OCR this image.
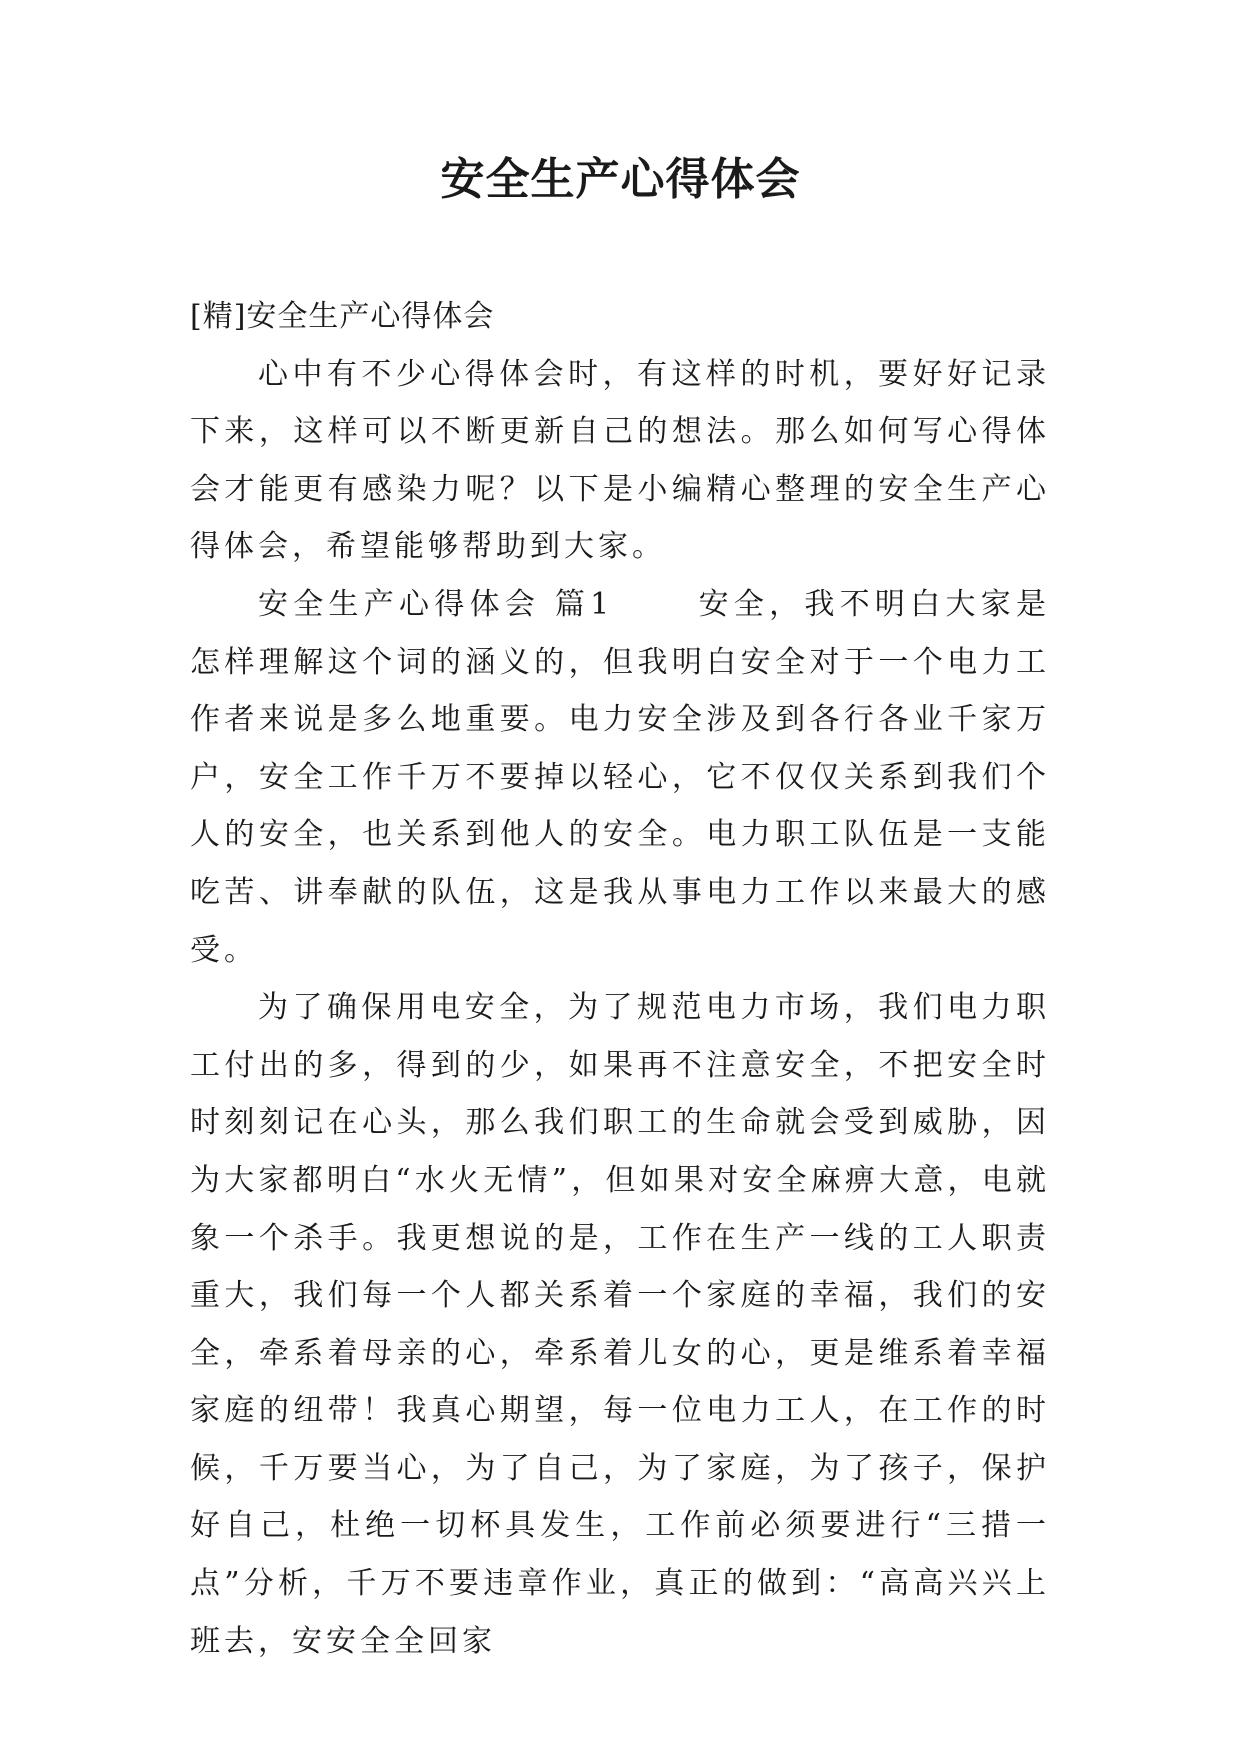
安全生产心得体会

[精]安全生产心得体会

心中有不少心得体会时，有这样的时机，要好好记录下来，这样可以不断更新自己的想法。那么如何写心得体会才能更有感染力呢？以下是小编精心整理的安全生产心得体会，希望能够帮助到大家。

安全生产心得体会 篇1 　　安全，我不明白大家是怎样理解这个词的涵义的，但我明白安全对于一个电力工作者来说是多么地重要。电力安全涉及到各行各业千家万户，安全工作千万不要掉以轻心，它不仅仅关系到我们个人的安全，也关系到他人的安全。电力职工队伍是一支能吃苦、讲奉献的队伍，这是我从事电力工作以来最大的感受。

为了确保用电安全，为了规范电力市场，我们电力职工付出的多，得到的少，如果再不注意安全，不把安全时时刻刻记在心头，那么我们职工的生命就会受到威胁，因为大家都明白“水火无情”，但如果对安全麻痹大意，电就象一个杀手。我更想说的是，工作在生产一线的工人职责重大，我们每一个人都关系着一个家庭的幸福，我们的安全，牵系着母亲的心，牵系着儿女的心，更是维系着幸福家庭的纽带！我真心期望，每一位电力工人，在工作的时候，千万要当心，为了自己，为了家庭，为了孩子，保护好自己，杜绝一切杯具发生，工作前必须要进行“三措一点”分析，千万不要违章作业，真正的做到：“高高兴兴上班去，安安全全回家
